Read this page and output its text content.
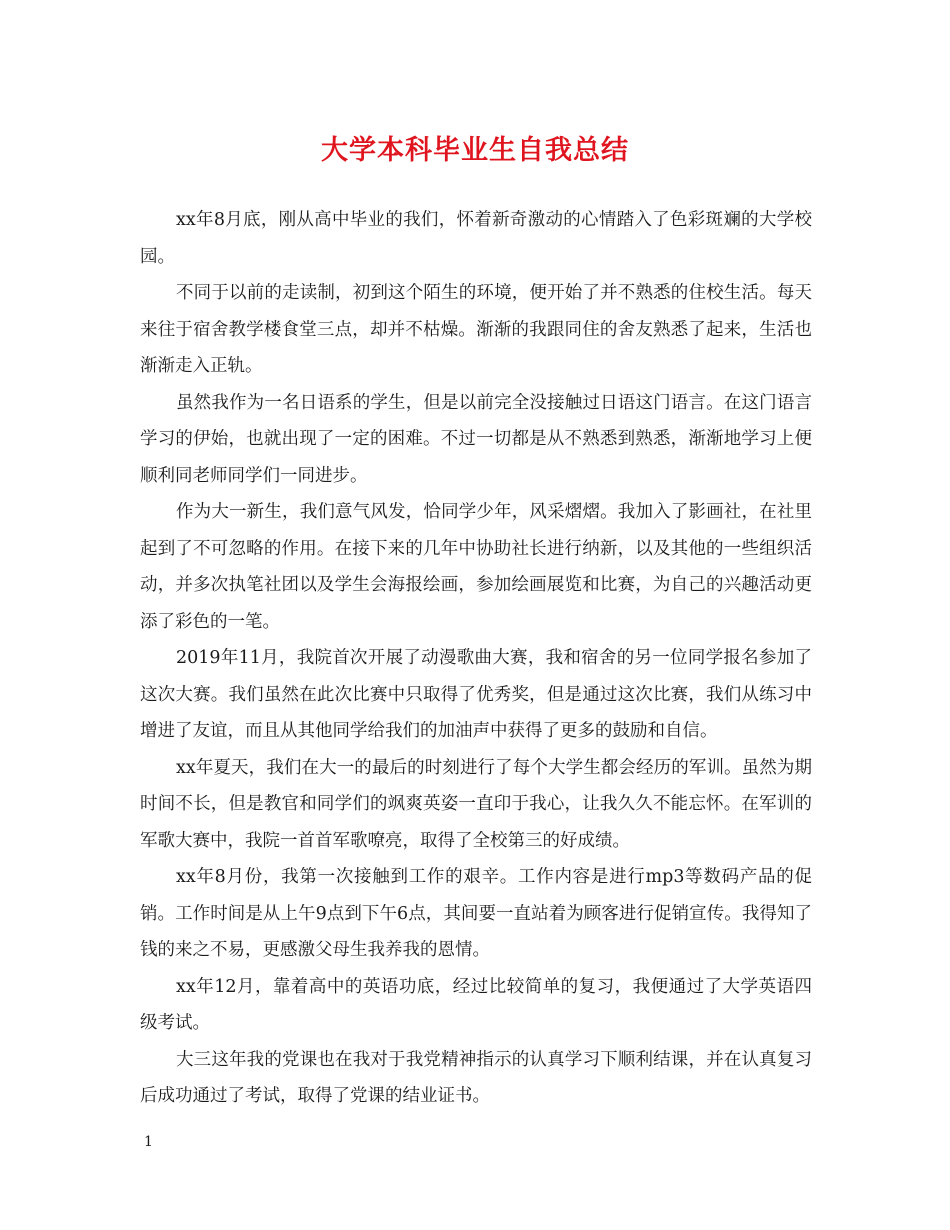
大学本科毕业生自我总结

xx年8月底，刚从高中毕业的我们，怀着新奇激动的心情踏入了色彩斑斓的大学校园。

不同于以前的走读制，初到这个陌生的环境，便开始了并不熟悉的住校生活。每天来往于宿舍教学楼食堂三点，却并不枯燥。渐渐的我跟同住的舍友熟悉了起来，生活也渐渐走入正轨。

虽然我作为一名日语系的学生，但是以前完全没接触过日语这门语言。在这门语言学习的伊始，也就出现了一定的困难。不过一切都是从不熟悉到熟悉，渐渐地学习上便顺利同老师同学们一同进步。

作为大一新生，我们意气风发，恰同学少年，风采熠熠。我加入了影画社，在社里起到了不可忽略的作用。在接下来的几年中协助社长进行纳新，以及其他的一些组织活动，并多次执笔社团以及学生会海报绘画，参加绘画展览和比赛，为自己的兴趣活动更添了彩色的一笔。

2019年11月，我院首次开展了动漫歌曲大赛，我和宿舍的另一位同学报名参加了这次大赛。我们虽然在此次比赛中只取得了优秀奖，但是通过这次比赛，我们从练习中增进了友谊，而且从其他同学给我们的加油声中获得了更多的鼓励和自信。

xx年夏天，我们在大一的最后的时刻进行了每个大学生都会经历的军训。虽然为期时间不长，但是教官和同学们的飒爽英姿一直印于我心，让我久久不能忘怀。在军训的军歌大赛中，我院一首首军歌嘹亮，取得了全校第三的好成绩。

xx年8月份，我第一次接触到工作的艰辛。工作内容是进行mp3等数码产品的促销。工作时间是从上午9点到下午6点，其间要一直站着为顾客进行促销宣传。我得知了钱的来之不易，更感激父母生我养我的恩情。

xx年12月，靠着高中的英语功底，经过比较简单的复习，我便通过了大学英语四级考试。

大三这年我的党课也在我对于我党精神指示的认真学习下顺利结课，并在认真复习后成功通过了考试，取得了党课的结业证书。

1
